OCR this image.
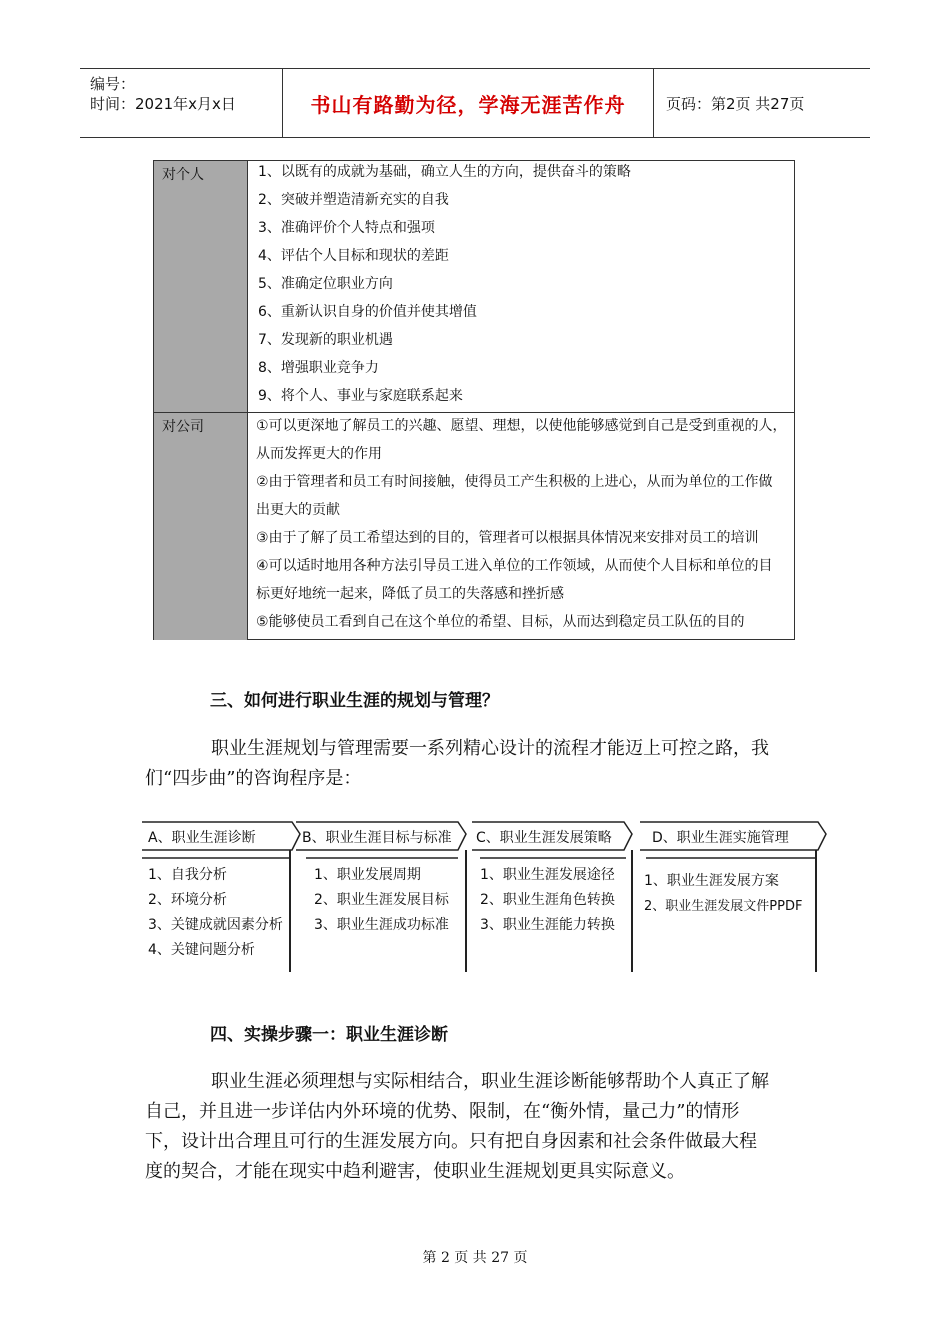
编号：
时间：2021年x月x日	书山有路勤为径，学海无涯苦作舟	页码：第2页 共27页
对个人	1、以既有的成就为基础，确立人生的方向，提供奋斗的策略
2、突破并塑造清新充实的自我
3、准确评价个人特点和强项
4、评估个人目标和现状的差距
5、准确定位职业方向
6、重新认识自身的价值并使其增值
7、发现新的职业机遇
8、增强职业竞争力
9、将个人、事业与家庭联系起来
对公司	①可以更深地了解员工的兴趣、愿望、理想，以使他能够感觉到自己是受到重视的人，
从而发挥更大的作用
②由于管理者和员工有时间接触，使得员工产生积极的上进心，从而为单位的工作做
出更大的贡献
③由于了解了员工希望达到的目的，管理者可以根据具体情况来安排对员工的培训
④可以适时地用各种方法引导员工进入单位的工作领域，从而使个人目标和单位的目
标更好地统一起来，降低了员工的失落感和挫折感
⑤能够使员工看到自己在这个单位的希望、目标，从而达到稳定员工队伍的目的
三、如何进行职业生涯的规划与管理？
职业生涯规划与管理需要一系列精心设计的流程才能迈上可控之路，我
们“四步曲”的咨询程序是：
A、职业生涯诊断
1、自我分析
2、环境分析
3、关键成就因素分析
4、关键问题分析
B、职业生涯目标与标准
1、职业发展周期
2、职业生涯发展目标
3、职业生涯成功标准
C、职业生涯发展策略
1、职业生涯发展途径
2、职业生涯角色转换
3、职业生涯能力转换
D、职业生涯实施管理
1、职业生涯发展方案
2、职业生涯发展文件PPDF
四、实操步骤一：职业生涯诊断
职业生涯必须理想与实际相结合，职业生涯诊断能够帮助个人真正了解
自己，并且进一步详估内外环境的优势、限制，在“衡外情，量己力”的情形
下，设计出合理且可行的生涯发展方向。只有把自身因素和社会条件做最大程
度的契合，才能在现实中趋利避害，使职业生涯规划更具实际意义。
第 2 页 共 27 页
